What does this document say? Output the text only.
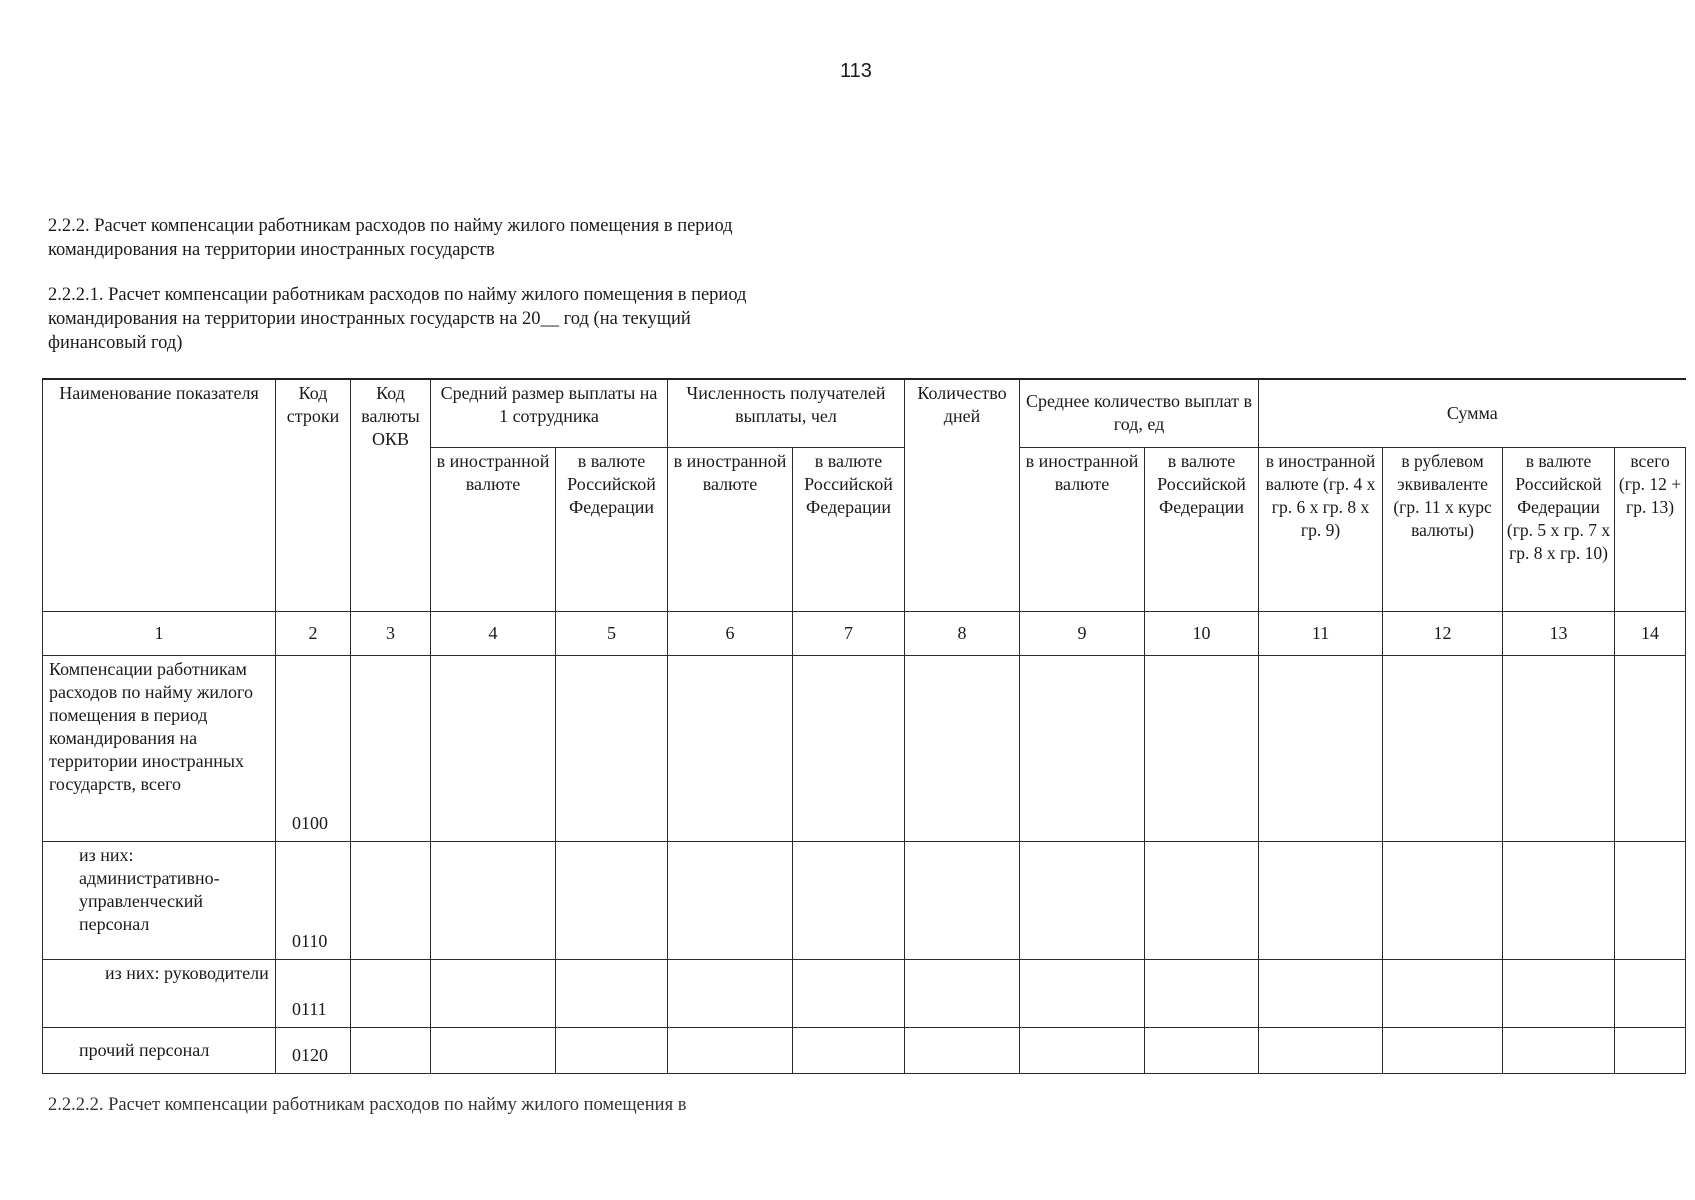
113
2.2.2. Расчет компенсации работникам расходов по найму жилого помещения в период командирования на территории иностранных государств
2.2.2.1. Расчет компенсации работникам расходов по найму жилого помещения в период командирования на территории иностранных государств на 20__ год (на текущий финансовый год)
Наименование показателя	Код строки	Код валюты ОКВ	Средний размер выплаты на 1 сотрудника		Численность получателей выплаты, чел		Количество дней	Среднее количество выплат в год, ед		Сумма			
			в иностранной валюте	в валюте Российской Федерации	в иностранной валюте	в валюте Российской Федерации		в иностранной валюте	в валюте Российской Федерации	в иностранной валюте (гр. 4 х гр. 6 х гр. 8 х гр. 9)	в рублевом эквиваленте (гр. 11 х курс валюты)	в валюте Российской Федерации (гр. 5 х гр. 7 х гр. 8 х гр. 10)	всего (гр. 12 + гр. 13)
1	2	3	4	5	6	7	8	9	10	11	12	13	14
Компенсации работникам расходов по найму жилого помещения в период командирования на территории иностранных государств, всего	0100												
из них: административно-управленческий персонал	0110												
из них: руководители	0111												
прочий персонал	0120												
2.2.2.2. Расчет компенсации работникам расходов по найму жилого помещения в
